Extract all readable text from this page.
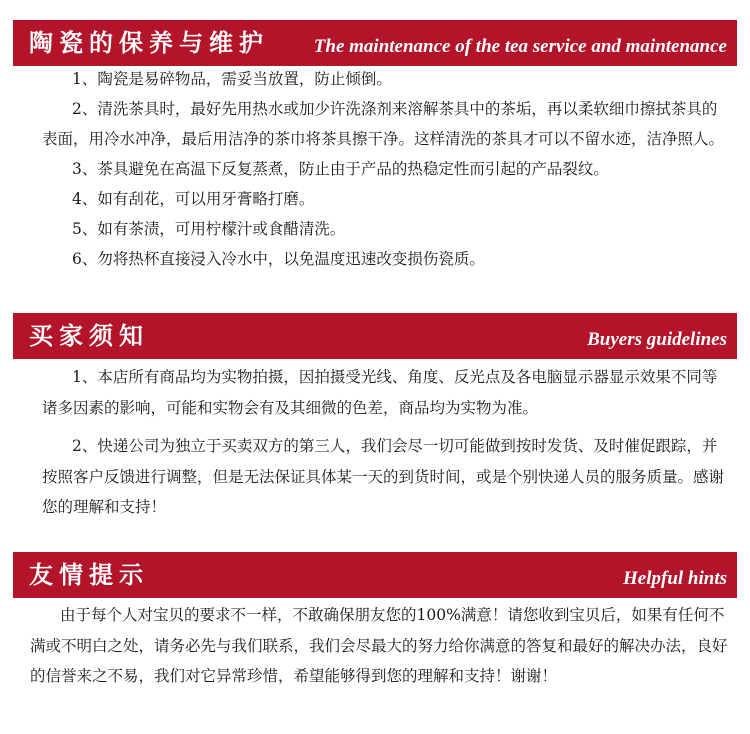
陶瓷的保养与维护 The maintenance of the tea service and maintenance

1、陶瓷是易碎物品，需妥当放置，防止倾倒。

2、清洗茶具时，最好先用热水或加少许洗涤剂来溶解茶具中的茶垢，再以柔软细巾擦拭茶具的表面，用冷水冲净，最后用洁净的茶巾将茶具擦干净。这样清洗的茶具才可以不留水迹，洁净照人。

3、茶具避免在高温下反复蒸煮，防止由于产品的热稳定性而引起的产品裂纹。

4、如有刮花，可以用牙膏略打磨。

5、如有茶渍，可用柠檬汁或食醋清洗。

6、勿将热杯直接浸入冷水中，以免温度迅速改变损伤瓷质。

买家须知	Buyers guidelines

1、本店所有商品均为实物拍摄，因拍摄受光线、角度、反光点及各电脑显示器显示效果不同等诸多因素的影响，可能和实物会有及其细微的色差，商品均为实物为准。

2、快递公司为独立于买卖双方的第三人，我们会尽一切可能做到按时发货、及时催促跟踪，并按照客户反馈进行调整，但是无法保证具体某一天的到货时间，或是个别快递人员的服务质量。感谢您的理解和支持！

友情提示	Helpful hints

由于每个人对宝贝的要求不一样，不敢确保朋友您的100%满意！请您收到宝贝后，如果有任何不满或不明白之处，请务必先与我们联系，我们会尽最大的努力给你满意的答复和最好的解决办法，良好的信誉来之不易，我们对它异常珍惜，希望能够得到您的理解和支持！谢谢！
